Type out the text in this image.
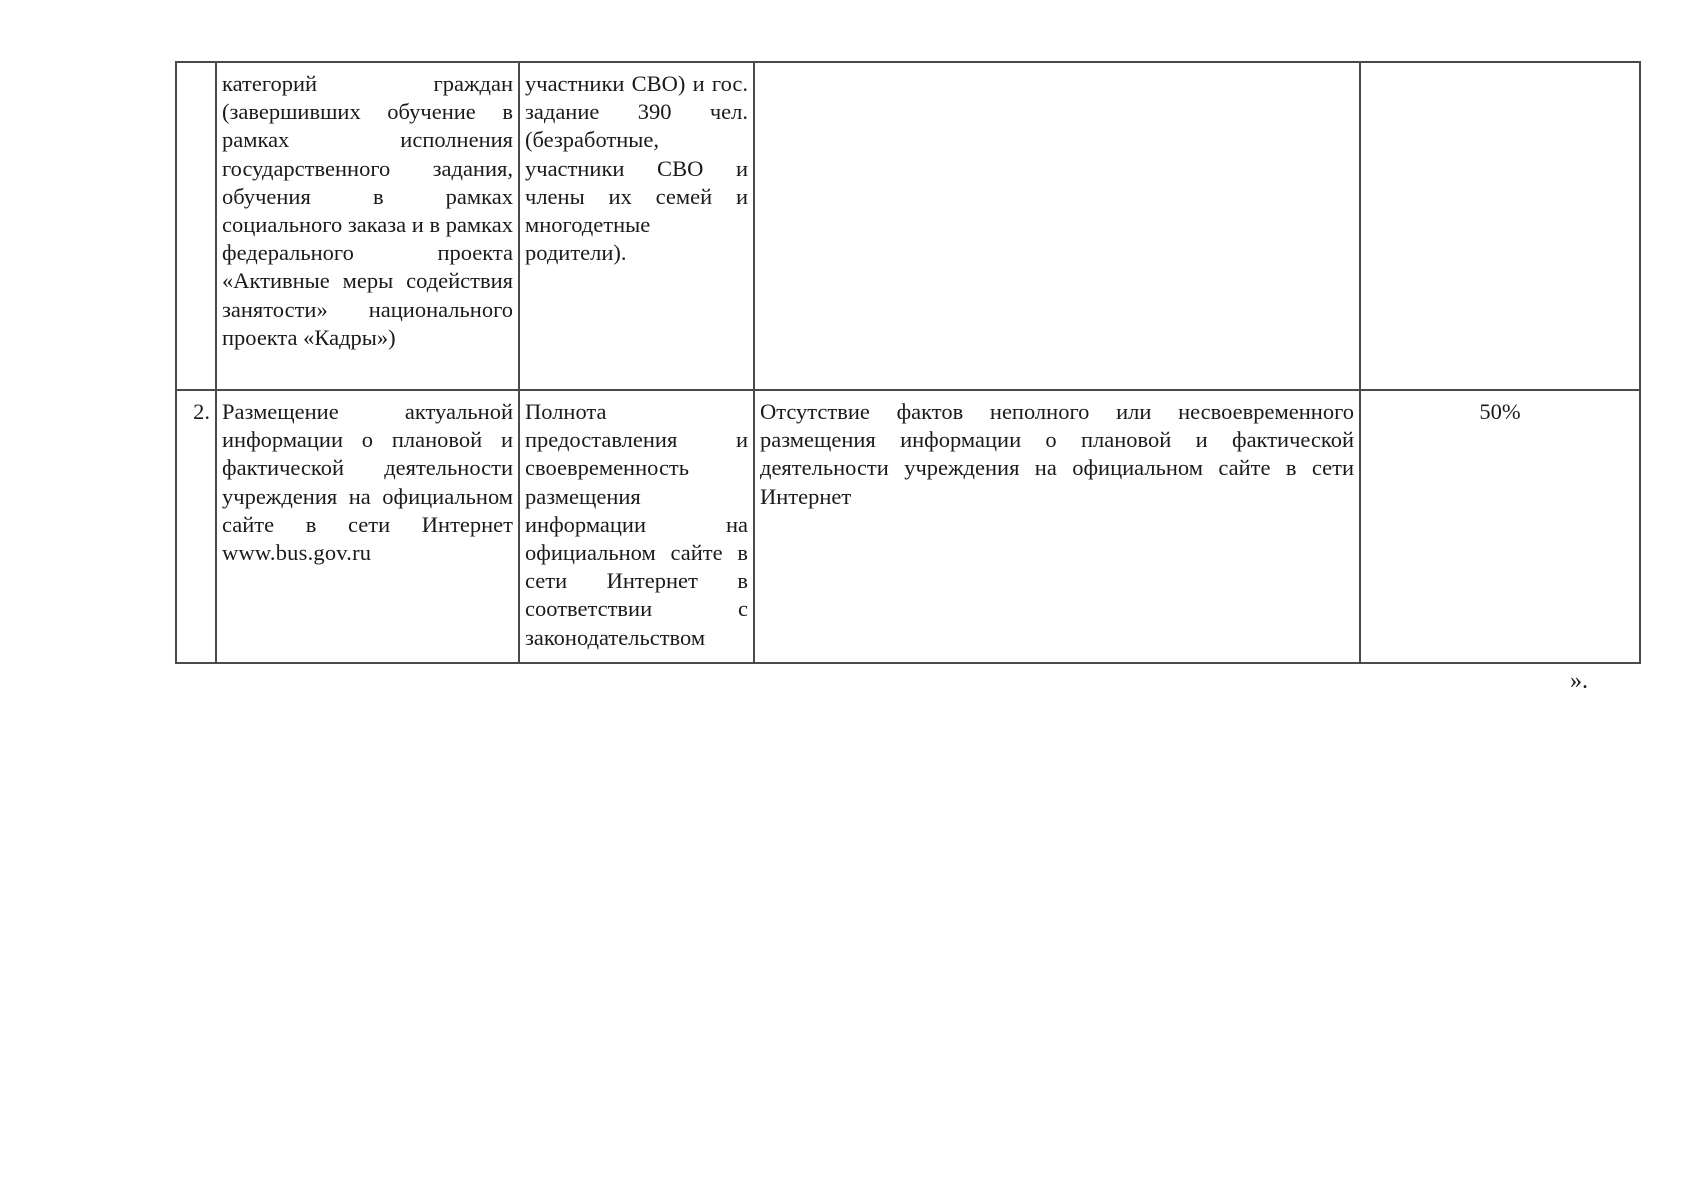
	категорий граждан (завершивших обучение в рамках исполнения государственного задания, обучения в рамках социального заказа и в рамках федерального проекта «Активные меры содействия занятости» национального проекта «Кадры»)	участники СВО) и гос. задание 390 чел. (безработные, участники СВО и члены их семей и многодетные родители).		
2.	Размещение актуальной информации о плановой и фактической деятельности учреждения на официальном сайте в сети Интернет www.bus.gov.ru	Полнота предоставления и своевременность размещения информации на официальном сайте в сети Интернет в соответствии с законодательством	Отсутствие фактов неполного или несвоевременного размещения информации о плановой и фактической деятельности учреждения на официальном сайте в сети Интернет	50%
».
